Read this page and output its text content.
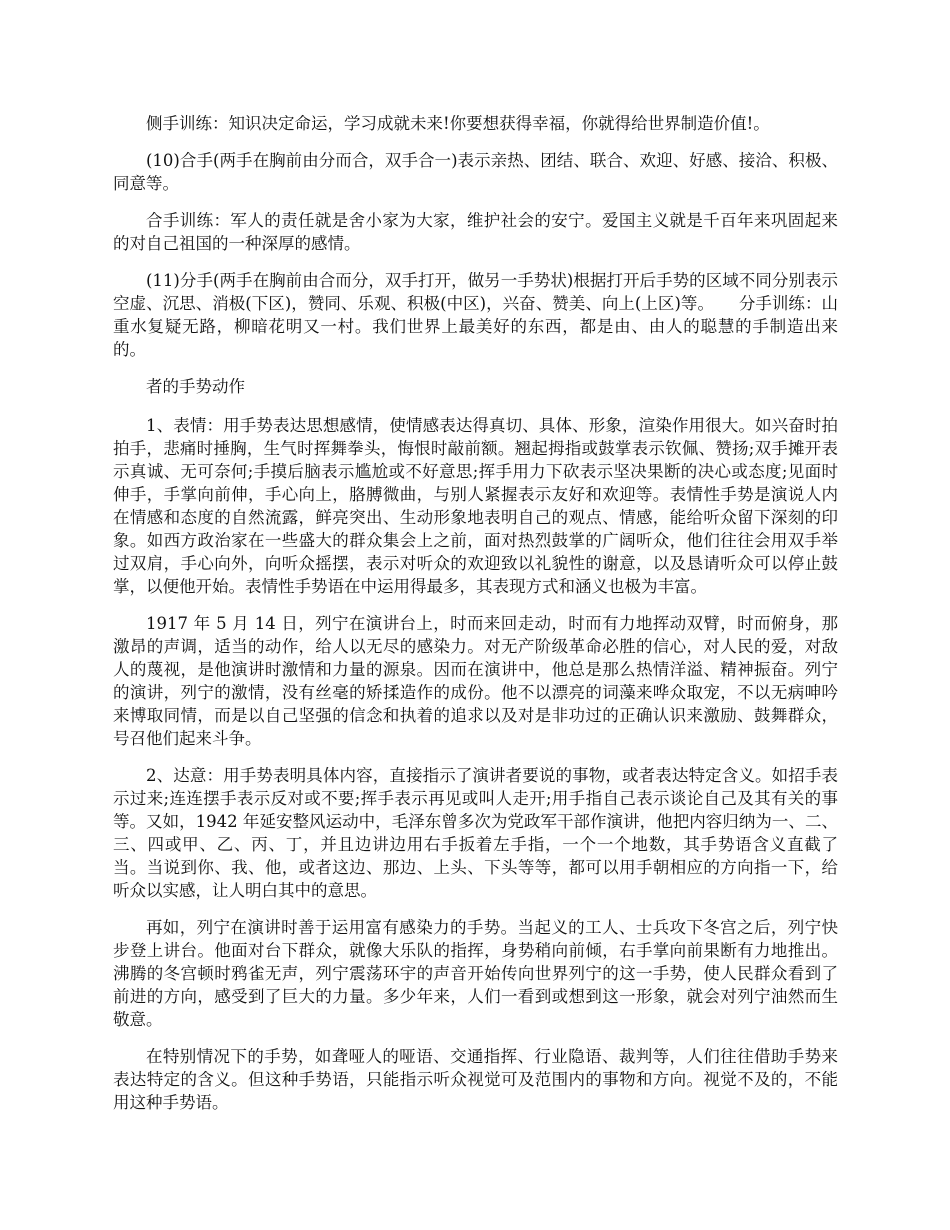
侧手训练：知识决定命运，学习成就未来!你要想获得幸福，你就得给世界制造价值!。

(10)合手(两手在胸前由分而合，双手合一)表示亲热、团结、联合、欢迎、好感、接洽、积极、同意等。

合手训练：军人的责任就是舍小家为大家，维护社会的安宁。爱国主义就是千百年来巩固起来的对自己祖国的一种深厚的感情。

(11)分手(两手在胸前由合而分，双手打开，做另一手势状)根据打开后手势的区域不同分别表示空虚、沉思、消极(下区)，赞同、乐观、积极(中区)，兴奋、赞美、向上(上区)等。　　分手训练：山重水复疑无路，柳暗花明又一村。我们世界上最美好的东西，都是由、由人的聪慧的手制造出来的。

者的手势动作

1、表情：用手势表达思想感情，使情感表达得真切、具体、形象，渲染作用很大。如兴奋时拍拍手，悲痛时捶胸，生气时挥舞拳头，悔恨时敲前额。翘起拇指或鼓掌表示钦佩、赞扬;双手摊开表示真诚、无可奈何;手摸后脑表示尴尬或不好意思;挥手用力下砍表示坚决果断的决心或态度;见面时伸手，手掌向前伸，手心向上，胳膊微曲，与别人紧握表示友好和欢迎等。表情性手势是演说人内在情感和态度的自然流露，鲜亮突出、生动形象地表明自己的观点、情感，能给听众留下深刻的印象。如西方政治家在一些盛大的群众集会上之前，面对热烈鼓掌的广阔听众，他们往往会用双手举过双肩，手心向外，向听众摇摆，表示对听众的欢迎致以礼貌性的谢意，以及恳请听众可以停止鼓掌，以便他开始。表情性手势语在中运用得最多，其表现方式和涵义也极为丰富。

1917 年 5 月 14 日，列宁在演讲台上，时而来回走动，时而有力地挥动双臂，时而俯身，那激昂的声调，适当的动作，给人以无尽的感染力。对无产阶级革命必胜的信心，对人民的爱，对敌人的蔑视，是他演讲时激情和力量的源泉。因而在演讲中，他总是那么热情洋溢、精神振奋。列宁的演讲，列宁的激情，没有丝毫的矫揉造作的成份。他不以漂亮的词藻来哗众取宠，不以无病呻吟来博取同情，而是以自己坚强的信念和执着的追求以及对是非功过的正确认识来激励、鼓舞群众，号召他们起来斗争。

2、达意：用手势表明具体内容，直接指示了演讲者要说的事物，或者表达特定含义。如招手表示过来;连连摆手表示反对或不要;挥手表示再见或叫人走开;用手指自己表示谈论自己及其有关的事等。又如，1942 年延安整风运动中，毛泽东曾多次为党政军干部作演讲，他把内容归纳为一、二、三、四或甲、乙、丙、丁，并且边讲边用右手扳着左手指，一个一个地数，其手势语含义直截了当。当说到你、我、他，或者这边、那边、上头、下头等等，都可以用手朝相应的方向指一下，给听众以实感，让人明白其中的意思。

再如，列宁在演讲时善于运用富有感染力的手势。当起义的工人、士兵攻下冬宫之后，列宁快步登上讲台。他面对台下群众，就像大乐队的指挥，身势稍向前倾，右手掌向前果断有力地推出。沸腾的冬宫顿时鸦雀无声，列宁震荡环宇的声音开始传向世界列宁的这一手势，使人民群众看到了前进的方向，感受到了巨大的力量。多少年来，人们一看到或想到这一形象，就会对列宁油然而生敬意。

在特别情况下的手势，如聋哑人的哑语、交通指挥、行业隐语、裁判等，人们往往借助手势来表达特定的含义。但这种手势语，只能指示听众视觉可及范围内的事物和方向。视觉不及的，不能用这种手势语。
